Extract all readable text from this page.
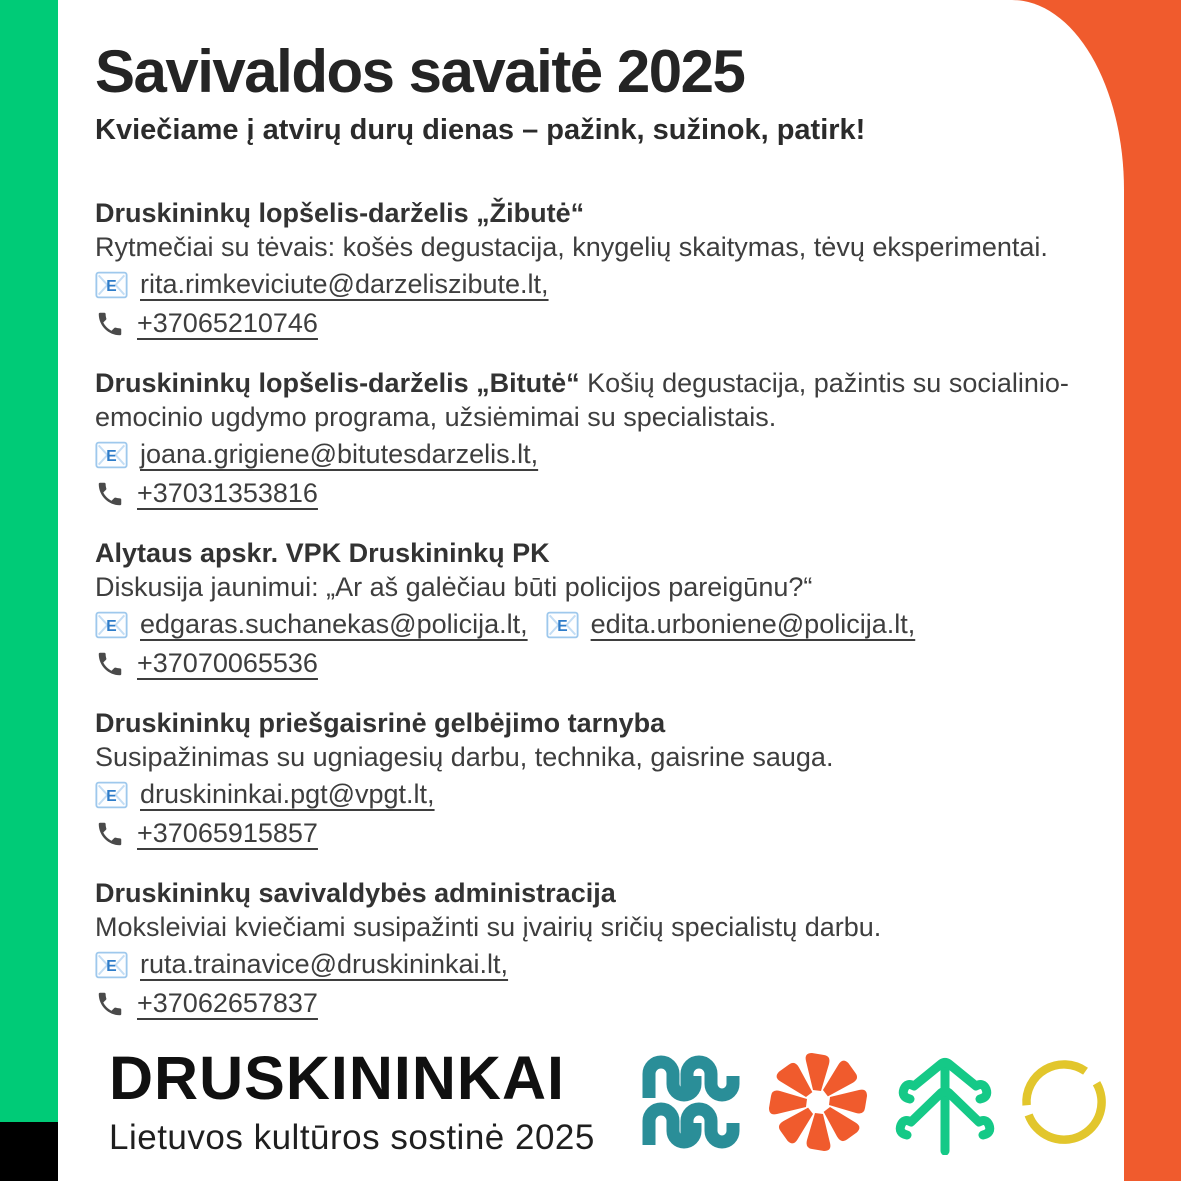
Savivaldos savaitė 2025
Kviečiame į atvirų durų dienas – pažink, sužinok, patirk!

Druskininkų lopšelis-darželis „Žibutė“
Rytmečiai su tėvais: košės degustacija, knygelių skaitymas, tėvų eksperimentai.

E rita.rimkeviciute@darzeliszibute.lt,

+37065210746

Druskininkų lopšelis-darželis „Bitutė“ Košių degustacija, pažintis su socialinio-emocinio ugdymo programa, užsiėmimai su specialistais.

E joana.grigiene@bitutesdarzelis.lt,

+37031353816

Alytaus apskr. VPK Druskininkų PK
Diskusija jaunimui: „Ar aš galėčiau būti policijos pareigūnu?“

E edgaras.suchanekas@policija.lt, E edita.urboniene@policija.lt,

+37070065536

Druskininkų priešgaisrinė gelbėjimo tarnyba
Susipažinimas su ugniagesių darbu, technika, gaisrine sauga.

E druskininkai.pgt@vpgt.lt,

+37065915857

Druskininkų savivaldybės administracija
Moksleiviai kviečiami susipažinti su įvairių sričių specialistų darbu.

E ruta.trainavice@druskininkai.lt,

+37062657837

DRUSKININKAI
Lietuvos kultūros sostinė 2025
